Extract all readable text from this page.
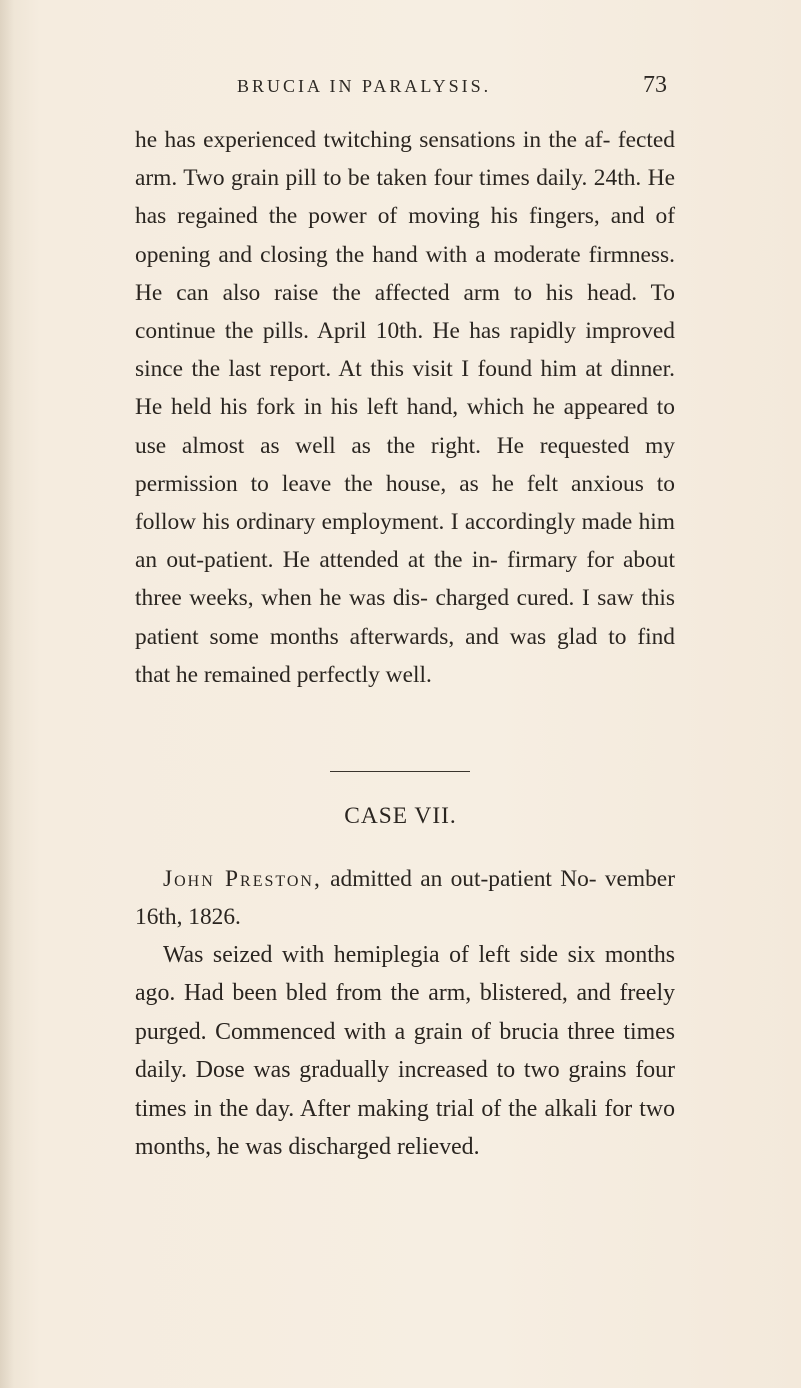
BRUCIA IN PARALYSIS.	73

he has experienced twitching sensations in the af- fected arm. Two grain pill to be taken four times daily. 24th. He has regained the power of moving his fingers, and of opening and closing the hand with a moderate firmness. He can also raise the affected arm to his head. To continue the pills. April 10th. He has rapidly improved since the last report. At this visit I found him at dinner. He held his fork in his left hand, which he appeared to use almost as well as the right. He requested my permission to leave the house, as he felt anxious to follow his ordinary employment. I accordingly made him an out-patient. He attended at the in- firmary for about three weeks, when he was dis- charged cured. I saw this patient some months afterwards, and was glad to find that he remained perfectly well.

CASE VII.

John Preston, admitted an out-patient No- vember 16th, 1826.

Was seized with hemiplegia of left side six months ago. Had been bled from the arm, blistered, and freely purged. Commenced with a grain of brucia three times daily. Dose was gradually increased to two grains four times in the day. After making trial of the alkali for two months, he was discharged relieved.
